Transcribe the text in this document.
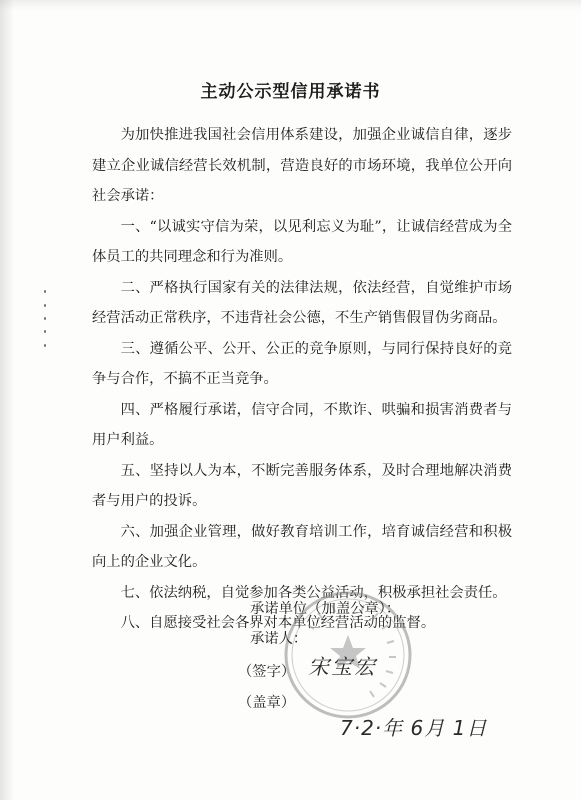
主动公示型信用承诺书

为加快推进我国社会信用体系建设，加强企业诚信自律，逐步建立企业诚信经营长效机制，营造良好的市场环境，我单位公开向社会承诺：

一、“以诚实守信为荣，以见利忘义为耻”，让诚信经营成为全体员工的共同理念和行为准则。

二、严格执行国家有关的法律法规，依法经营，自觉维护市场经营活动正常秩序，不违背社会公德，不生产销售假冒伪劣商品。

三、遵循公平、公开、公正的竞争原则，与同行保持良好的竞争与合作，不搞不正当竞争。

四、严格履行承诺，信守合同，不欺诈、哄骗和损害消费者与用户利益。

五、坚持以人为本，不断完善服务体系，及时合理地解决消费者与用户的投诉。

六、加强企业管理，做好教育培训工作，培育诚信经营和积极向上的企业文化。

七、依法纳税，自觉参加各类公益活动，积极承担社会责任。

八、自愿接受社会各界对本单位经营活动的监督。

承诺单位（加盖公章）：
承诺人：
（签字）
（盖章）
宋宝宏
7·2·年 6月 1日
